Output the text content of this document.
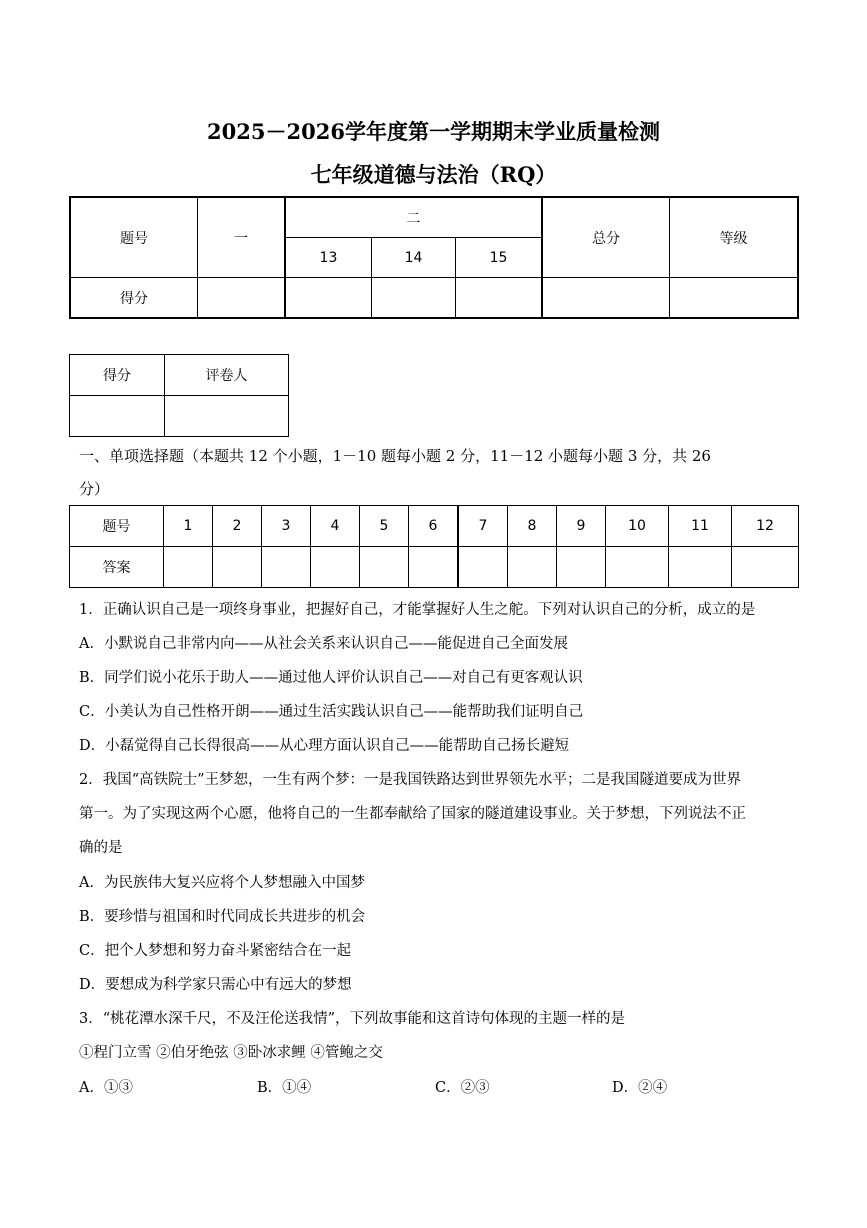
2025－2026学年度第一学期期末学业质量检测
七年级道德与法治（RQ）
题号	一	二			总分	等级
		13	14	15		
得分						
得分	评卷人

一、单项选择题（本题共 12 个小题，1－10 题每小题 2 分，11－12 小题每小题 3 分，共 26
分）
题号	1	2	3	4	5	6	7	8	9	10	11	12
答案												
1．正确认识自己是一项终身事业，把握好自己，才能掌握好人生之舵。下列对认识自己的分析，成立的是
A．小默说自己非常内向——从社会关系来认识自己——能促进自己全面发展
B．同学们说小花乐于助人——通过他人评价认识自己——对自己有更客观认识
C．小美认为自己性格开朗——通过生活实践认识自己——能帮助我们证明自己
D．小磊觉得自己长得很高——从心理方面认识自己——能帮助自己扬长避短
2．我国“高铁院士”王梦恕，一生有两个梦：一是我国铁路达到世界领先水平；二是我国隧道要成为世界
第一。为了实现这两个心愿，他将自己的一生都奉献给了国家的隧道建设事业。关于梦想，下列说法不正
确的是
A．为民族伟大复兴应将个人梦想融入中国梦
B．要珍惜与祖国和时代同成长共进步的机会
C．把个人梦想和努力奋斗紧密结合在一起
D．要想成为科学家只需心中有远大的梦想
3．“桃花潭水深千尺，不及汪伦送我情”，下列故事能和这首诗句体现的主题一样的是
①程门立雪 ②伯牙绝弦 ③卧冰求鲤 ④管鲍之交
A．①③	B．①④	C．②③	D．②④
